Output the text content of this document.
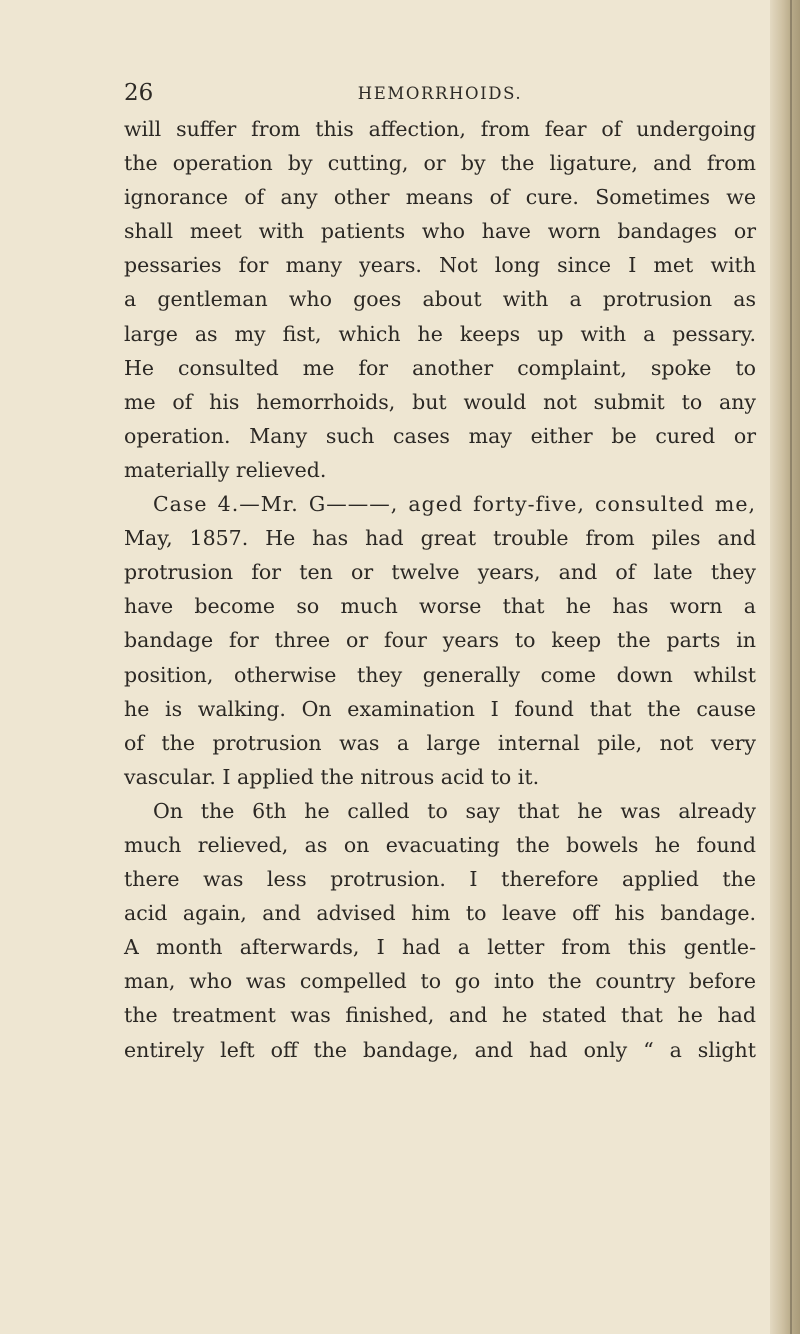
26	HEMORRHOIDS.
will suffer from this affection, from fear of undergoing
the operation by cutting, or by the ligature, and from
ignorance of any other means of cure. Sometimes we
shall meet with patients who have worn bandages or
pessaries for many years. Not long since I met with
a gentleman who goes about with a protrusion as
large as my fist, which he keeps up with a pessary.
He consulted me for another complaint, spoke to
me of his hemorrhoids, but would not submit to any
operation. Many such cases may either be cured or
materially relieved.
Case 4.—Mr. G———, aged forty-five, consulted me,
May, 1857. He has had great trouble from piles and
protrusion for ten or twelve years, and of late they
have become so much worse that he has worn a
bandage for three or four years to keep the parts in
position, otherwise they generally come down whilst
he is walking. On examination I found that the cause
of the protrusion was a large internal pile, not very
vascular. I applied the nitrous acid to it.
On the 6th he called to say that he was already
much relieved, as on evacuating the bowels he found
there was less protrusion. I therefore applied the
acid again, and advised him to leave off his bandage.
A month afterwards, I had a letter from this gentle-
man, who was compelled to go into the country before
the treatment was finished, and he stated that he had
entirely left off the bandage, and had only “ a slight
